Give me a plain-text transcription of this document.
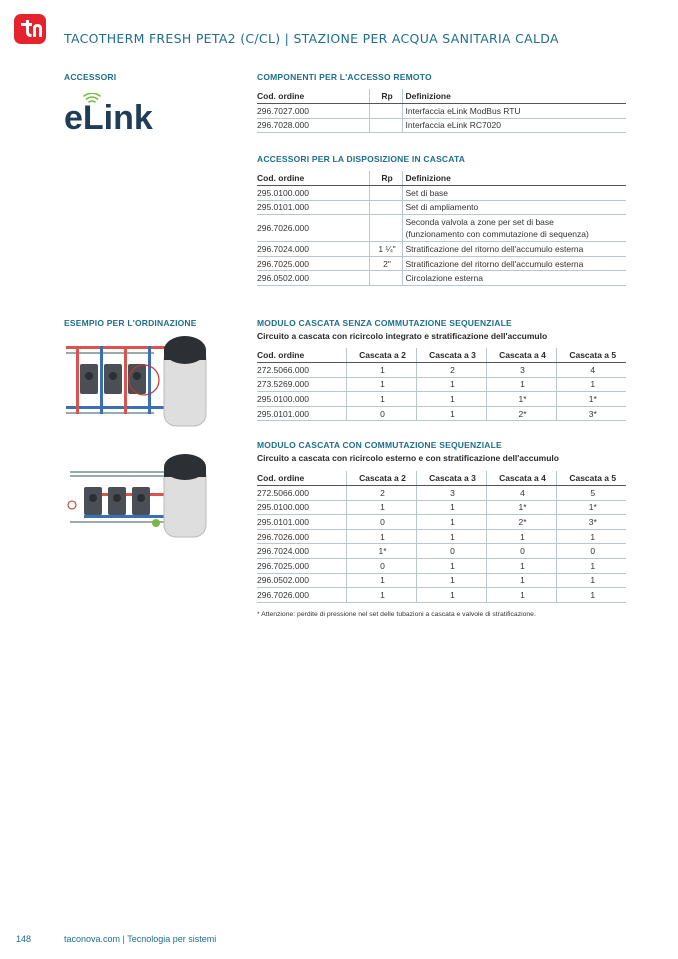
TACOTHERM FRESH PETA2 (C/CL) | STAZIONE PER ACQUA SANITARIA CALDA
ACCESSORI
eLink
ESEMPIO PER L'ORDINAZIONE
COMPONENTI PER L'ACCESSO REMOTO
Cod. ordine	Rp	Definizione
296.7027.000		Interfaccia eLink ModBus RTU
296.7028.000		Interfaccia eLink RC7020
ACCESSORI PER LA DISPOSIZIONE IN CASCATA
Cod. ordine	Rp	Definizione
295.0100.000		Set di base
295.0101.000		Set di ampliamento
296.7026.000		Seconda valvola a zone per set di base
(funzionamento con commutazione di sequenza)

296.7024.000	1 ¼"	Stratificazione del ritorno dell'accumulo esterna
296.7025.000	2"	Stratificazione del ritorno dell'accumulo esterna
296.0502.000		Circolazione esterna
MODULO CASCATA SENZA COMMUTAZIONE SEQUENZIALE
Circuito a cascata con ricircolo integrato e stratificazione dell'accumulo
Cod. ordine	Cascata a 2	Cascata a 3	Cascata a 4	Cascata a 5
272.5066.000	1	2	3	4
273.5269.000	1	1	1	1
295.0100.000	1	1	1*	1*
295.0101.000	0	1	2*	3*
MODULO CASCATA CON COMMUTAZIONE SEQUENZIALE
Circuito a cascata con ricircolo esterno e con stratificazione dell'accumulo
Cod. ordine	Cascata a 2	Cascata a 3	Cascata a 4	Cascata a 5
272.5066.000	2	3	4	5
295.0100.000	1	1	1*	1*
295.0101.000	0	1	2*	3*
296.7026.000	1	1	1	1
296.7024.000	1*	0	0	0
296.7025.000	0	1	1	1
296.0502.000	1	1	1	1
296.7026.000	1	1	1	1
* Attenzione: perdite di pressione nel set delle tubazioni a cascata e valvole di stratificazione.
148	taconova.com | Tecnologia per sistemi
